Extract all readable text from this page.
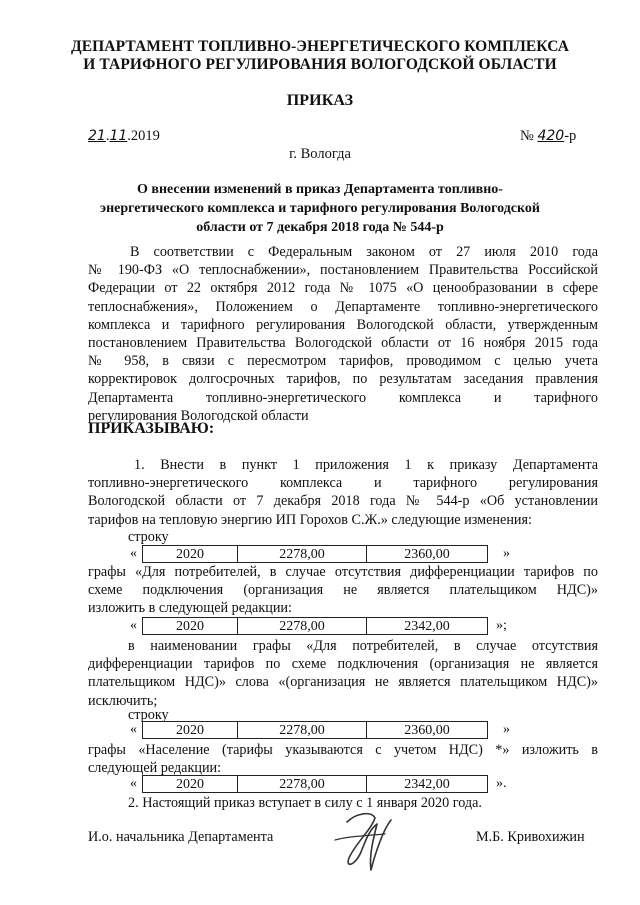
ДЕПАРТАМЕНТ ТОПЛИВНО-ЭНЕРГЕТИЧЕСКОГО КОМПЛЕКСА
И ТАРИФНОГО РЕГУЛИРОВАНИЯ ВОЛОГОДСКОЙ ОБЛАСТИ
ПРИКАЗ
21.11.2019	№ 420-р
г. Вологда
О внесении изменений в приказ Департамента топливно-
энергетического комплекса и тарифного регулирования Вологодской
области от 7 декабря 2018 года № 544-р
В соответствии с Федеральным законом от 27 июля 2010 года
№ 190-ФЗ «О теплоснабжении», постановлением Правительства Российской
Федерации от 22 октября 2012 года № 1075 «О ценообразовании в сфере
теплоснабжения», Положением о Департаменте топливно-энергетического
комплекса и тарифного регулирования Вологодской области, утвержденным
постановлением Правительства Вологодской области от 16 ноября 2015 года
№ 958, в связи с пересмотром тарифов, проводимом с целью учета
корректировок долгосрочных тарифов, по результатам заседания правления
Департамента топливно-энергетического комплекса и тарифного
регулирования Вологодской области
ПРИКАЗЫВАЮ:
1. Внести в пункт 1 приложения 1 к приказу Департамента
топливно-энергетического комплекса и тарифного регулирования
Вологодской области от 7 декабря 2018 года № 544-р «Об установлении
тарифов на тепловую энергию ИП Горохов С.Ж.» следующие изменения:
строку
«	2020	2278,00	2360,00	»
графы «Для потребителей, в случае отсутствия дифференциации тарифов по
схеме подключения (организация не является плательщиком НДС)»
изложить в следующей редакции:
«	2020	2278,00	2342,00	»;
в наименовании графы «Для потребителей, в случае отсутствия
дифференциации тарифов по схеме подключения (организация не является
плательщиком НДС)» слова «(организация не является плательщиком НДС)»
исключить;
строку
«	2020	2278,00	2360,00	»
графы «Население (тарифы указываются с учетом НДС) *» изложить в
следующей редакции:
«	2020	2278,00	2342,00	».
2. Настоящий приказ вступает в силу с 1 января 2020 года.
И.о. начальника Департамента	М.Б. Кривохижин
